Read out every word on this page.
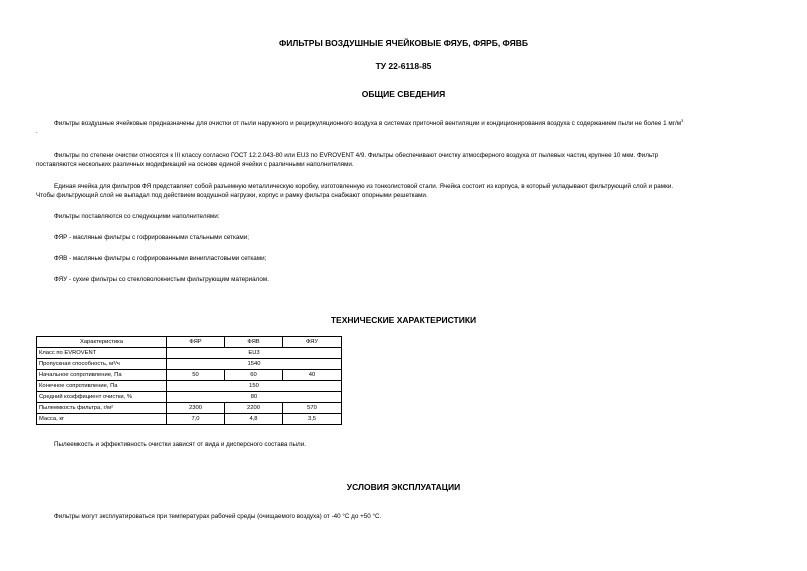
ФИЛЬТРЫ ВОЗДУШНЫЕ ЯЧЕЙКОВЫЕ ФЯУБ, ФЯРБ, ФЯВБ
ТУ 22-6118-85
ОБЩИЕ СВЕДЕНИЯ
Фильтры воздушные ячейковые предназначены для очистки от пыли наружного и рециркуляционного воздуха в системах приточной вентиляции и кондиционирования воздуха с содержанием пыли не более 1 $мг/м^3$
.
Фильтры по степени очистки относятся к III классу согласно ГОСТ 12.2.043-80 или EU3 по EVROVENT 4/9. Фильтры обеспечивают очистку атмосферного воздуха от пылевых частиц крупнее 10 мкм. Фильтр
поставляются нескольких различных модификаций на основе единой ячейки с различными наполнителями.
Единая ячейка для фильтров ФЯ представляет собой разъемную металлическую коробку, изготовленную из тонколистовой стали. Ячейка состоит из корпуса, в который укладывают фильтрующий слой и рамки.
Чтобы фильтрующий слой не выпадал под действием воздушной нагрузки, корпус и рамку фильтра снабжают опорными решетками.
Фильтры поставляются со следующими наполнителями:
ФЯР - масляные фильтры с гофрированными стальными сетками;
ФЯВ - масляные фильтры с гофрированными винипластовыми сетками;
ФЯУ - сухие фильтры со стекловолокнистым фильтрующим материалом.
ТЕХНИЧЕСКИЕ ХАРАКТЕРИСТИКИ
Характеристика	ФЯР	ФЯВ	ФЯУ
Класс по EVROVENT	EU3		
Пропускная способность, м³/ч	1540		
Начальное сопротивление, Па	50	60	40
Конечное сопротивление, Па	150		
Средний коэффициент очистки, %	80		
Пылеемкость фильтра, г/м²	2300	2200	570
Масса, кг	7,0	4,8	3,5
Пылеемкость и эффективность очистки зависят от вида и дисперсного состава пыли.
УСЛОВИЯ ЭКСПЛУАТАЦИИ
Фильтры могут эксплуатироваться при температурах рабочей среды (очищаемого воздуха) от -40 °С до +50 °С.
